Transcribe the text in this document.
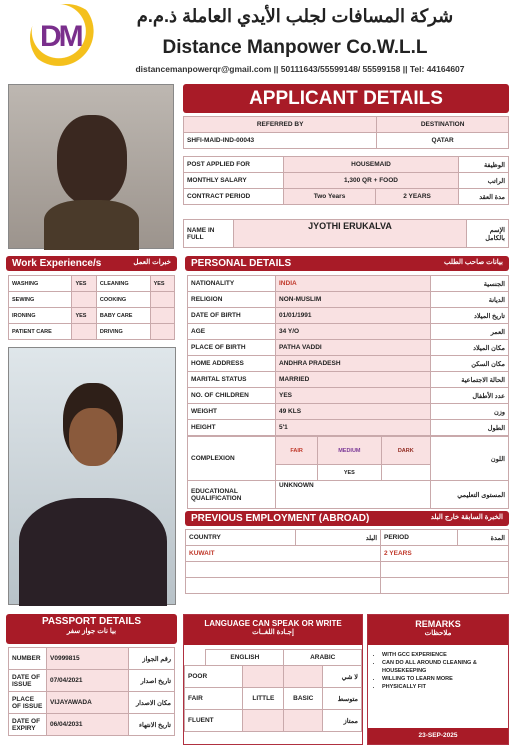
DM
شركة المسافات لجلب الأيدي العاملة ذ.م.م
Distance Manpower Co.W.L.L
distancemanpowerqr@gmail.com || 50111643/55599148/ 55599158 || Tel: 44164607
APPLICANT DETAILS
REFERRED BY	DESTINATION
SHFI-MAID-IND-00043	QATAR
POST APPLIED FOR	HOUSEMAID		الوظيفة
MONTHLY SALARY	1,300 QR + FOOD		الراتب
CONTRACT PERIOD	Two Years	2 YEARS	مدة العقد
NAME IN FULL	JYOTHI ERUKALVA	الإسم بالكامل
Work Experience/s	خبرات العمل
WASHING	YES	CLEANING	YES
SEWING		COOKING	
IRONING	YES	BABY CARE	
PATIENT CARE		DRIVING	
PERSONAL DETAILS	بيانات صاحب الطلب
NATIONALITY	INDIA	الجنسية
RELIGION	NON-MUSLIM	الديانة
DATE OF BIRTH	01/01/1991	تاريخ الميلاد
AGE	34 Y/O	العمر
PLACE OF BIRTH	PATHA VADDI	مكان الميلاد
HOME ADDRESS	ANDHRA PRADESH	مكان السكن
MARITAL STATUS	MARRIED	الحالة الاجتماعية
NO. OF CHILDREN	YES	عدد الأطفال
WEIGHT	49 KLS	وزن
HEIGHT	5'1	الطول
COMPLEXION	FAIR	MEDIUM	DARK	اللون
		YES		
EDUCATIONAL QUALIFICATION	UNKNOWN			المستوى التعليمي
PREVIOUS EMPLOYMENT (ABROAD)	الخبرة السابقة خارج البلد
COUNTRY	البلد	PERIOD	المدة
KUWAIT		2 YEARS	

PASSPORT DETAILS
بيا نات جواز سفر
NUMBER	V0999815	رقم الجواز
DATE OF ISSUE	07/04/2021	تاريخ اصدار
PLACE OF ISSUE	VIJAYAWADA	مكان الاصدار
DATE OF EXPIRY	06/04/2031	تاريخ الانتهاء
LANGUAGE CAN SPEAK OR WRITE
إجـادة اللغــات
	ENGLISH		ARABIC	
POOR				لا شي
FAIR		LITTLE	BASIC	متوسط
FLUENT				ممتاز
REMARKS
ملاحظات
• WITH GCC EXPERIENCE
• CAN DO ALL AROUND CLEANING & HOUSEKEEPING
• WILLING TO LEARN MORE
• PHYSICALLY FIT
23-SEP-2025
